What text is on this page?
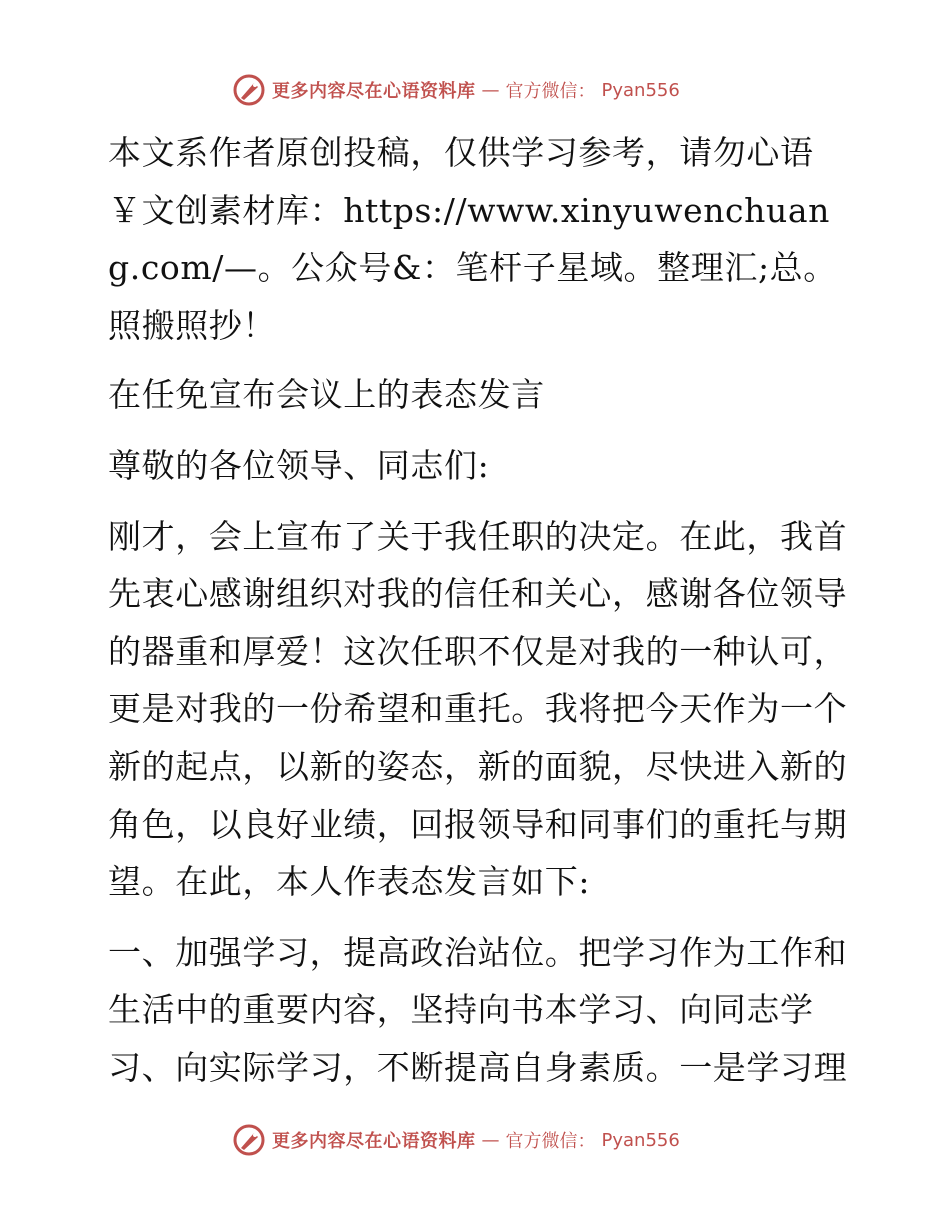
更多内容尽在心语资料库 — 官方微信： Pyan556

本文系作者原创投稿，仅供学习参考，请勿心语￥文创素材库：https://www.xinyuwenchuang.com/—。公众号&：笔杆子星域。整理汇;总。照搬照抄！

在任免宣布会议上的表态发言

尊敬的各位领导、同志们:

刚才，会上宣布了关于我任职的决定。在此，我首先衷心感谢组织对我的信任和关心，感谢各位领导的器重和厚爱！这次任职不仅是对我的一种认可，更是对我的一份希望和重托。我将把今天作为一个新的起点，以新的姿态，新的面貌，尽快进入新的角色，以良好业绩，回报领导和同事们的重托与期望。在此，本人作表态发言如下:

一、加强学习，提高政治站位。把学习作为工作和生活中的重要内容，坚持向书本学习、向同志学习、向实际学习，不断提高自身素质。一是学习理

更多内容尽在心语资料库 — 官方微信： Pyan556
